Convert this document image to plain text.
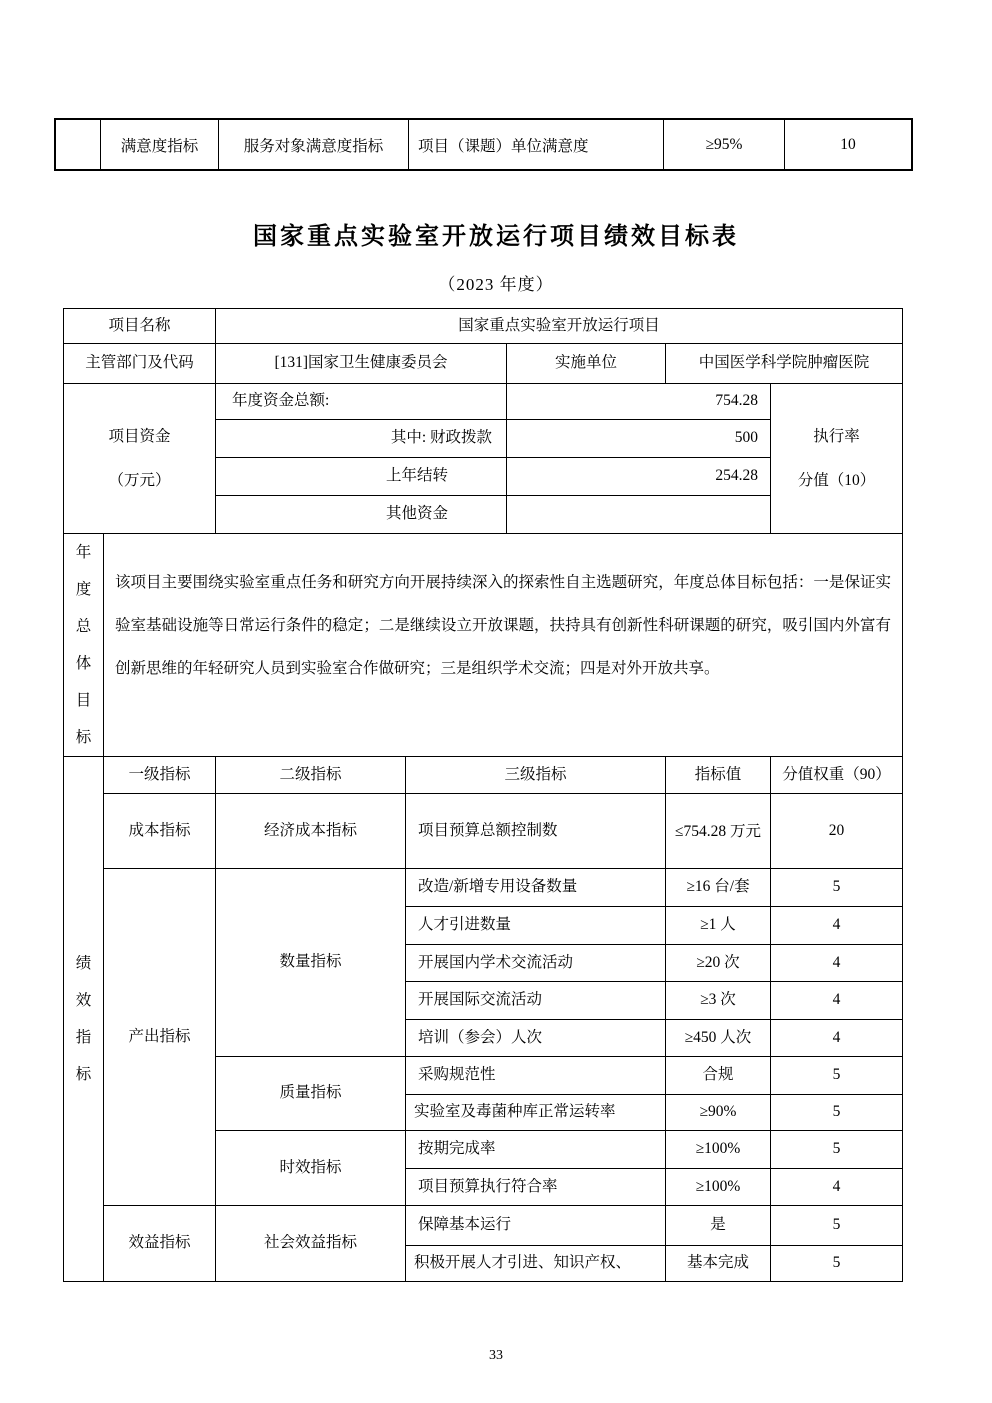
满意度指标	服务对象满意度指标	项目（课题）单位满意度	≥95%	10
国家重点实验室开放运行项目绩效目标表
（2023 年度）
项目名称	国家重点实验室开放运行项目
主管部门及代码	[131]国家卫生健康委员会	实施单位	中国医学科学院肿瘤医院
项目资金
（万元）
年度资金总额:	754.28
其中: 财政拨款	500
上年结转	254.28
其他资金
执行率
分值（10）
年度总体目标
该项目主要围绕实验室重点任务和研究方向开展持续深入的探索性自主选题研究，年度总体目标包括：一是保证实验室基础设施等日常运行条件的稳定；二是继续设立开放课题，扶持具有创新性科研课题的研究，吸引国内外富有创新思维的年轻研究人员到实验室合作做研究；三是组织学术交流；四是对外开放共享。
绩效指标
一级指标	二级指标	三级指标	指标值	分值权重（90）
成本指标	经济成本指标	项目预算总额控制数	≤754.28 万元	20
产出指标
数量指标
改造/新增专用设备数量	≥16 台/套	5
人才引进数量	≥1 人	4
开展国内学术交流活动	≥20 次	4
开展国际交流活动	≥3 次	4
培训（参会）人次	≥450 人次	4
质量指标
采购规范性	合规	5
实验室及毒菌种库正常运转率	≥90%	5
时效指标
按期完成率	≥100%	5
项目预算执行符合率	≥100%	4
效益指标	社会效益指标
保障基本运行	是	5
积极开展人才引进、知识产权、	基本完成	5
33
